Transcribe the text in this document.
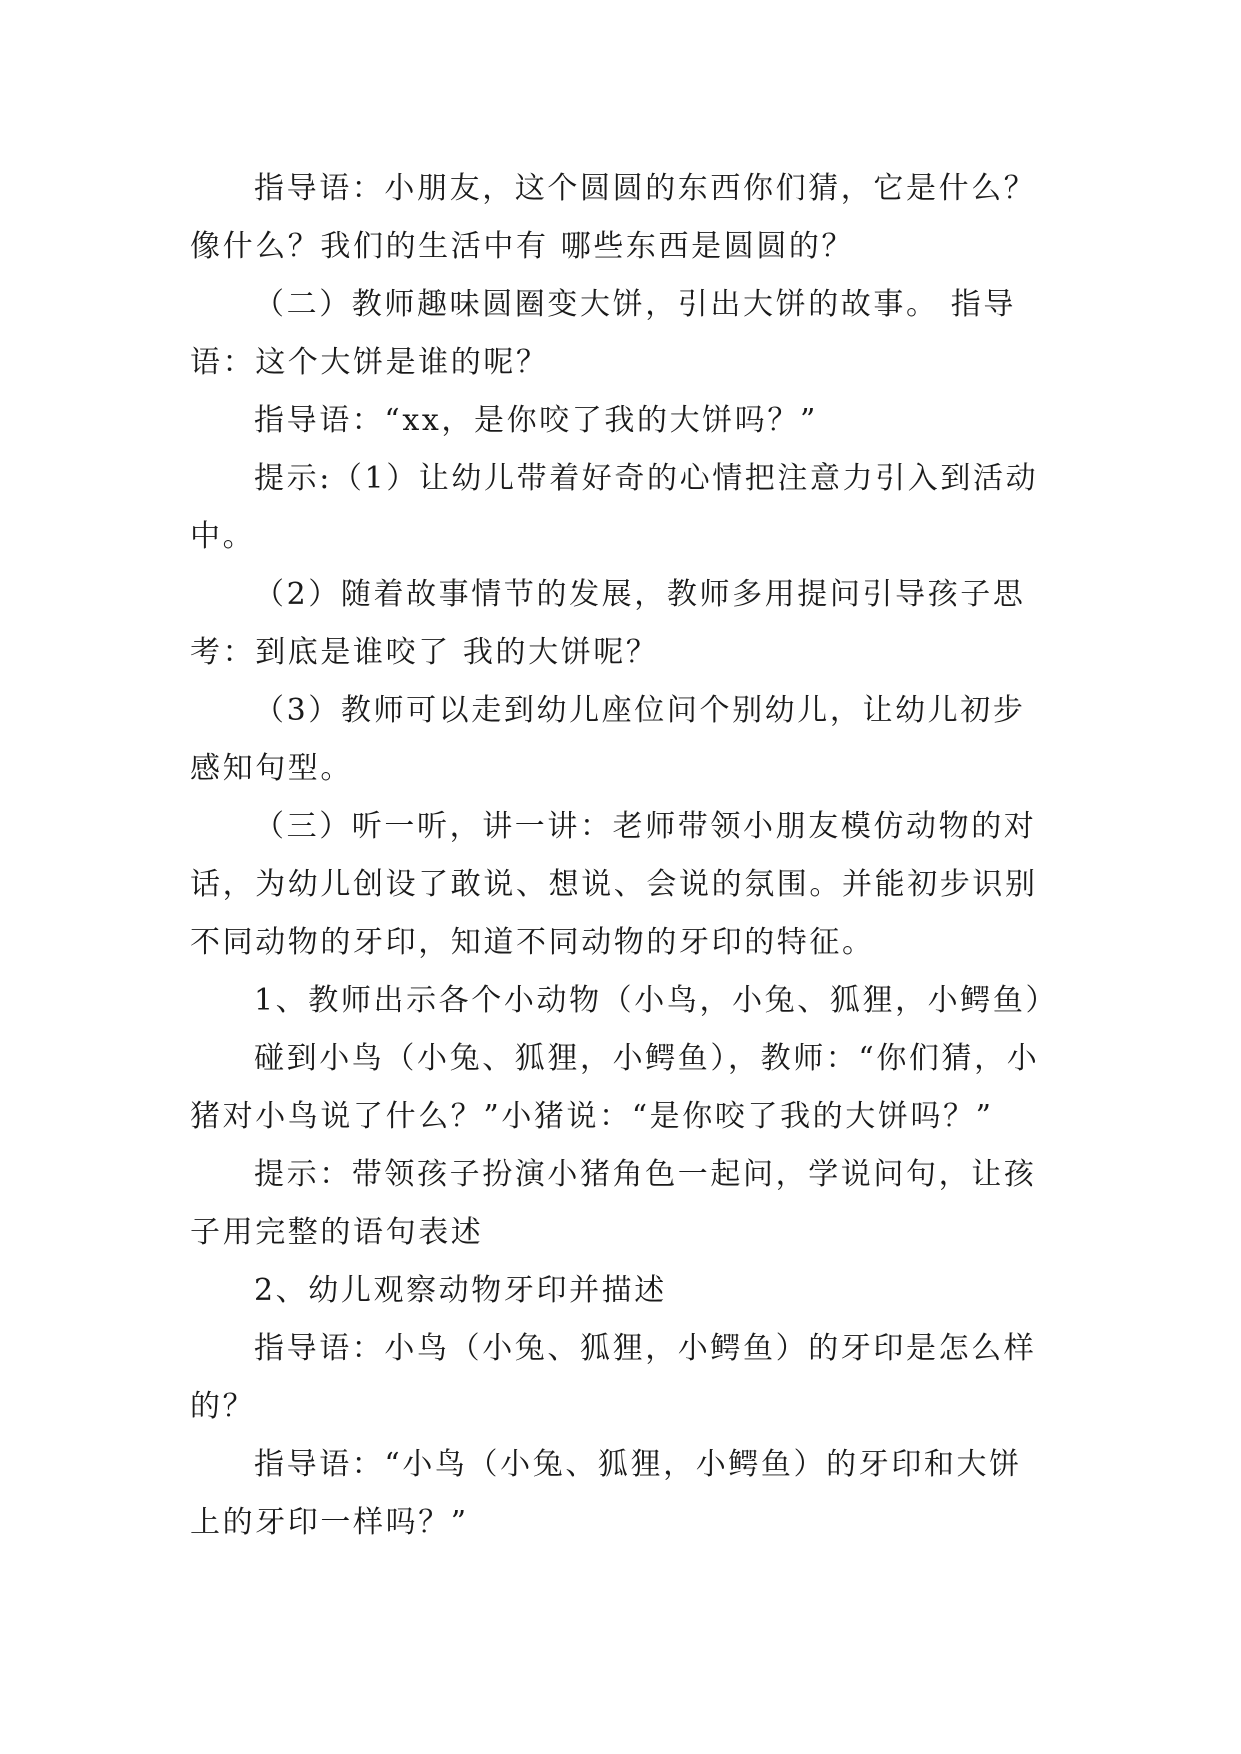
指导语：小朋友，这个圆圆的东西你们猜，它是什么？像什么？我们的生活中有 哪些东西是圆圆的？

（二）教师趣味圆圈变大饼，引出大饼的故事。 指导语：这个大饼是谁的呢？

指导语：“xx，是你咬了我的大饼吗？”

提示:（1）让幼儿带着好奇的心情把注意力引入到活动中。

（2）随着故事情节的发展，教师多用提问引导孩子思考：到底是谁咬了 我的大饼呢？

（3）教师可以走到幼儿座位问个别幼儿，让幼儿初步感知句型。

（三）听一听，讲一讲：老师带领小朋友模仿动物的对话，为幼儿创设了敢说、想说、会说的氛围。并能初步识别不同动物的牙印，知道不同动物的牙印的特征。

1、教师出示各个小动物（小鸟，小兔、狐狸，小鳄鱼）

碰到小鸟（小兔、狐狸，小鳄鱼），教师：“你们猜，小猪对小鸟说了什么？”小猪说：“是你咬了我的大饼吗？”

提示：带领孩子扮演小猪角色一起问，学说问句，让孩子用完整的语句表述

2、幼儿观察动物牙印并描述

指导语：小鸟（小兔、狐狸，小鳄鱼）的牙印是怎么样的？

指导语：“小鸟（小兔、狐狸，小鳄鱼）的牙印和大饼上的牙印一样吗？”
